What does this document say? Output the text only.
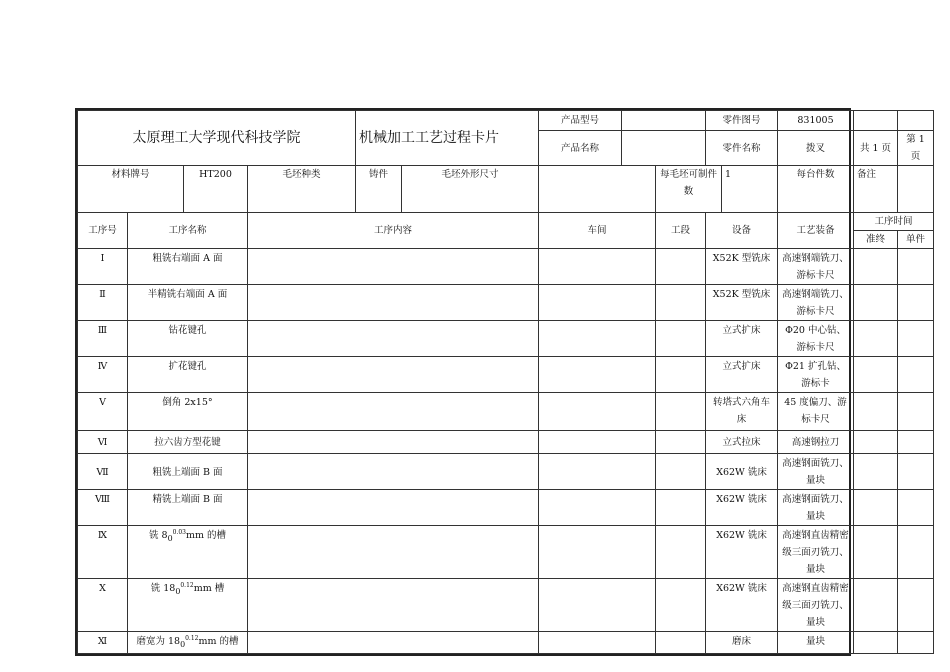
太原理工大学现代科技学院				机械加工工艺过程卡片		产品型号			零件图号		831005		
						产品名称			零件名称		拨叉	共 1 页	第 1 页
材料牌号		HT200	毛坯种类	铸件	毛坯外形尺寸			每毛坯可制件数		1	每台件数	备注	
工序号	工序名称		工序内容			车间		工段	设备		工艺装备	工序时间	
												准终	单件
Ⅰ	粗铣右端面 A 面								X52K 型铣床		高速钢端铣刀、游标卡尺		
Ⅱ	半精铣右端面 A 面								X52K 型铣床		高速钢端铣刀、游标卡尺		
Ⅲ	钻花键孔								立式扩床		Φ20 中心钻、游标卡尺		
Ⅳ	扩花键孔								立式扩床		Φ21 扩孔钻、游标卡		
Ⅴ	倒角 2x15°								转塔式六角车床		45 度偏刀、游标卡尺		
Ⅵ	拉六齿方型花键								立式拉床		高速钢拉刀		
Ⅶ	粗铣上端面 B 面								X62W 铣床		高速钢面铣刀、量块		
Ⅷ	精铣上端面 B 面								X62W 铣床		高速钢面铣刀、量块		
Ⅸ	铣 $8_0^{0.03}mm$ 的槽								X62W 铣床		高速钢直齿精密级三面刃铣刀、量块		
Ⅹ	铣 $18_0^{0.12}mm$ 槽								X62W 铣床		高速钢直齿精密级三面刃铣刀、量块		
Ⅺ	磨宽为 $18_0^{0.12}mm$ 的槽								磨床		量块		
